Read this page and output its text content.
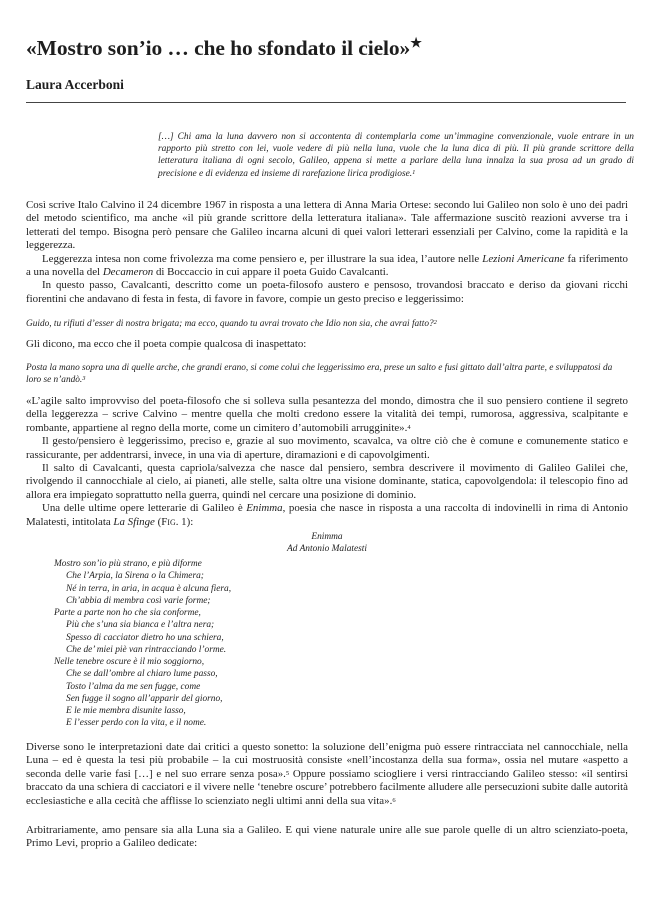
«Mostro son’io … che ho sfondato il cielo»★
Laura Accerboni
[…] Chi ama la luna davvero non si accontenta di contemplarla come un’immagine convenzionale, vuole entrare in un rapporto più stretto con lei, vuole vedere di più nella luna, vuole che la luna dica di più. Il più grande scrittore della letteratura italiana di ogni secolo, Galileo, appena si mette a parlare della luna innalza la sua prosa ad un grado di precisione e di evidenza ed insieme di rarefazione lirica prodigiose.$^1$
Così scrive Italo Calvino il 24 dicembre 1967 in risposta a una lettera di Anna Maria Ortese: secondo lui Galileo non solo è uno dei padri del metodo scientifico, ma anche «il più grande scrittore della letteratura italiana». Tale affermazione suscitò reazioni avverse tra i letterati del tempo. Bisogna però pensare che Galileo incarna alcuni di quei valori letterari essenziali per Calvino, come la rapidità e la leggerezza.
Leggerezza intesa non come frivolezza ma come pensiero e, per illustrare la sua idea, l’autore nelle Lezioni Americane fa riferimento a una novella del Decameron di Boccaccio in cui appare il poeta Guido Cavalcanti.
In questo passo, Cavalcanti, descritto come un poeta-filosofo austero e pensoso, trovandosi braccato e deriso da giovani ricchi fiorentini che andavano di festa in festa, di favore in favore, compie un gesto preciso e leggerissimo:
Guido, tu rifiuti d’esser di nostra brigata; ma ecco, quando tu avrai trovato che Idio non sia, che avrai fatto?$^2$
Gli dicono, ma ecco che il poeta compie qualcosa di inaspettato:
Posta la mano sopra una di quelle arche, che grandi erano, si come colui che leggerissimo era, prese un salto e fusi gittato dall’altra parte, e sviluppatosi da loro se n’andò.$^3$
«L’agile salto improvviso del poeta-filosofo che si solleva sulla pesantezza del mondo, dimostra che il suo pensiero contiene il segreto della leggerezza – scrive Calvino – mentre quella che molti credono essere la vitalità dei tempi, rumorosa, aggressiva, scalpitante e rombante, appartiene al regno della morte, come un cimitero d’automobili arrugginite».$^4$
Il gesto/pensiero è leggerissimo, preciso e, grazie al suo movimento, scavalca, va oltre ciò che è comune e comunemente statico e rassicurante, per addentrarsi, invece, in una via di aperture, diramazioni e di capovolgimenti.
Il salto di Cavalcanti, questa capriola/salvezza che nasce dal pensiero, sembra descrivere il movimento di Galileo Galilei che, rivolgendo il cannocchiale al cielo, ai pianeti, alle stelle, salta oltre una visione dominante, statica, capovolgendola: il telescopio fino ad allora era impiegato soprattutto nella guerra, quindi nel cercare una posizione di dominio.
Una delle ultime opere letterarie di Galileo è Enimma, poesia che nasce in risposta a una raccolta di indovinelli in rima di Antonio Malatesti, intitolata La Sfinge (Fig. 1):
Enimma
Ad Antonio Malatesti
Mostro son’io più strano, e più diforme
Che l’Arpia, la Sirena o la Chimera;
Né in terra, in aria, in acqua è alcuna fiera,
Ch’abbia di membra così varie forme;
Parte a parte non ho che sia conforme,
Più che s’una sia bianca e l’altra nera;
Spesso di cacciator dietro ho una schiera,
Che de’ miei piè van rintracciando l’orme.
Nelle tenebre oscure è il mio soggiorno,
Che se dall’ombre al chiaro lume passo,
Tosto l’alma da me sen fugge, come
Sen fugge il sogno all’apparir del giorno,
E le mie membra disunite lasso,
E l’esser perdo con la vita, e il nome.
Diverse sono le interpretazioni date dai critici a questo sonetto: la soluzione dell’enigma può essere rintracciata nel cannocchiale, nella Luna – ed è questa la tesi più probabile – la cui mostruosità consiste «nell’incostanza della sua forma», ossia nel mutare «aspetto a seconda delle varie fasi […] e nel suo errare senza posa».$^5$ Oppure possiamo sciogliere i versi rintracciando Galileo stesso: «il sentirsi braccato da una schiera di cacciatori e il vivere nelle ‘tenebre oscure’ potrebbero facilmente alludere alle persecuzioni subite dalle autorità ecclesiastiche e alla cecità che afflisse lo scienziato negli ultimi anni della sua vita».$^6$
Arbitrariamente, amo pensare sia alla Luna sia a Galileo. E qui viene naturale unire alle sue parole quelle di un altro scienziato-poeta, Primo Levi, proprio a Galileo dedicate:
